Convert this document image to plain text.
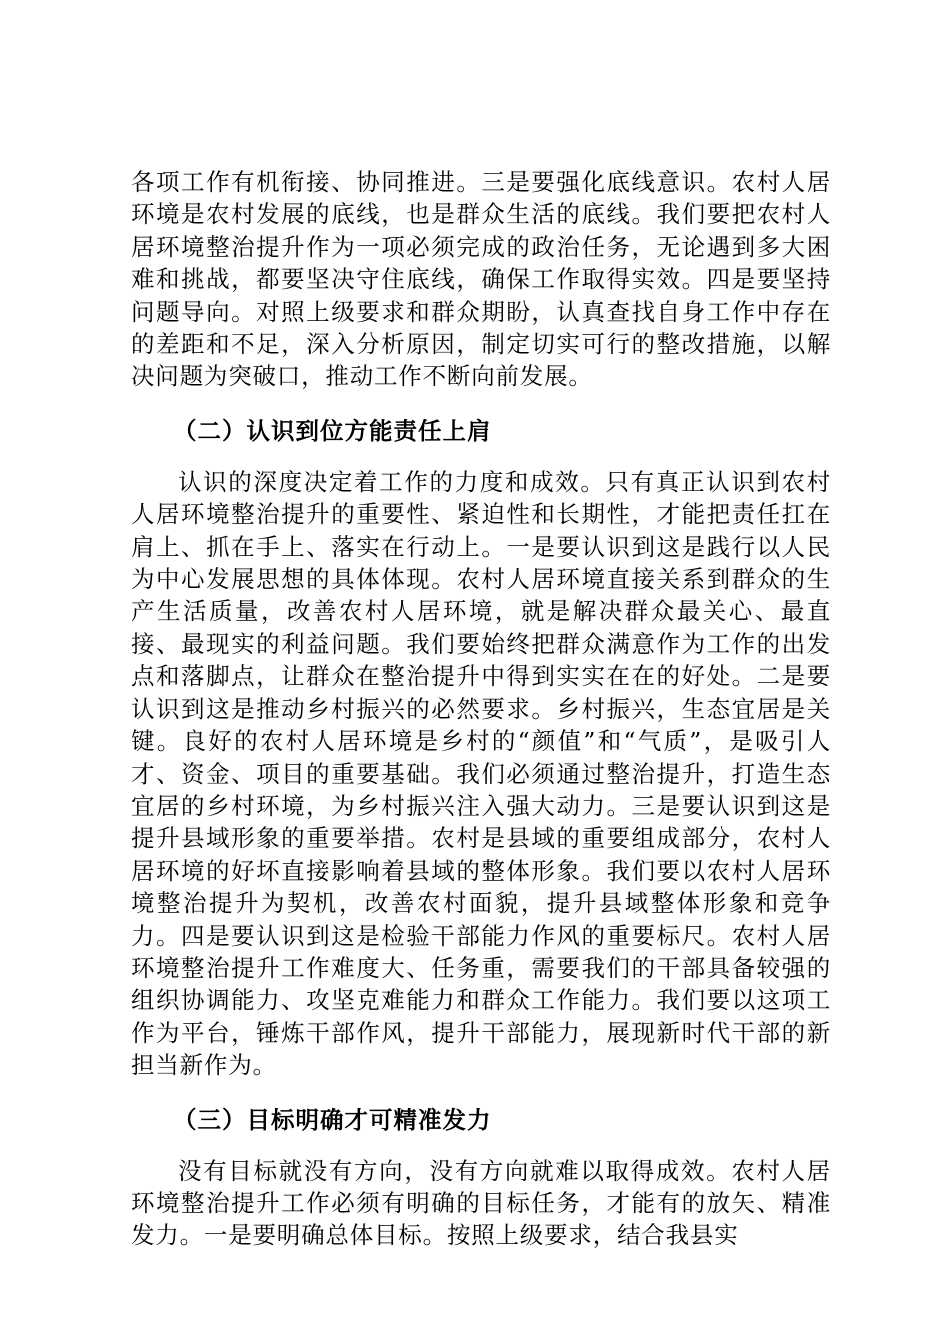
各项工作有机衔接、协同推进。三是要强化底线意识。农村人居环境是农村发展的底线，也是群众生活的底线。我们要把农村人居环境整治提升作为一项必须完成的政治任务，无论遇到多大困难和挑战，都要坚决守住底线，确保工作取得实效。四是要坚持问题导向。对照上级要求和群众期盼，认真查找自身工作中存在的差距和不足，深入分析原因，制定切实可行的整改措施，以解决问题为突破口，推动工作不断向前发展。

（二）认识到位方能责任上肩

认识的深度决定着工作的力度和成效。只有真正认识到农村人居环境整治提升的重要性、紧迫性和长期性，才能把责任扛在肩上、抓在手上、落实在行动上。一是要认识到这是践行以人民为中心发展思想的具体体现。农村人居环境直接关系到群众的生产生活质量，改善农村人居环境，就是解决群众最关心、最直接、最现实的利益问题。我们要始终把群众满意作为工作的出发点和落脚点，让群众在整治提升中得到实实在在的好处。二是要认识到这是推动乡村振兴的必然要求。乡村振兴，生态宜居是关键。良好的农村人居环境是乡村的“颜值”和“气质”，是吸引人才、资金、项目的重要基础。我们必须通过整治提升，打造生态宜居的乡村环境，为乡村振兴注入强大动力。三是要认识到这是提升县域形象的重要举措。农村是县域的重要组成部分，农村人居环境的好坏直接影响着县域的整体形象。我们要以农村人居环境整治提升为契机，改善农村面貌，提升县域整体形象和竞争力。四是要认识到这是检验干部能力作风的重要标尺。农村人居环境整治提升工作难度大、任务重，需要我们的干部具备较强的组织协调能力、攻坚克难能力和群众工作能力。我们要以这项工作为平台，锤炼干部作风，提升干部能力，展现新时代干部的新担当新作为。

（三）目标明确才可精准发力

没有目标就没有方向，没有方向就难以取得成效。农村人居环境整治提升工作必须有明确的目标任务，才能有的放矢、精准发力。一是要明确总体目标。按照上级要求，结合我县实
